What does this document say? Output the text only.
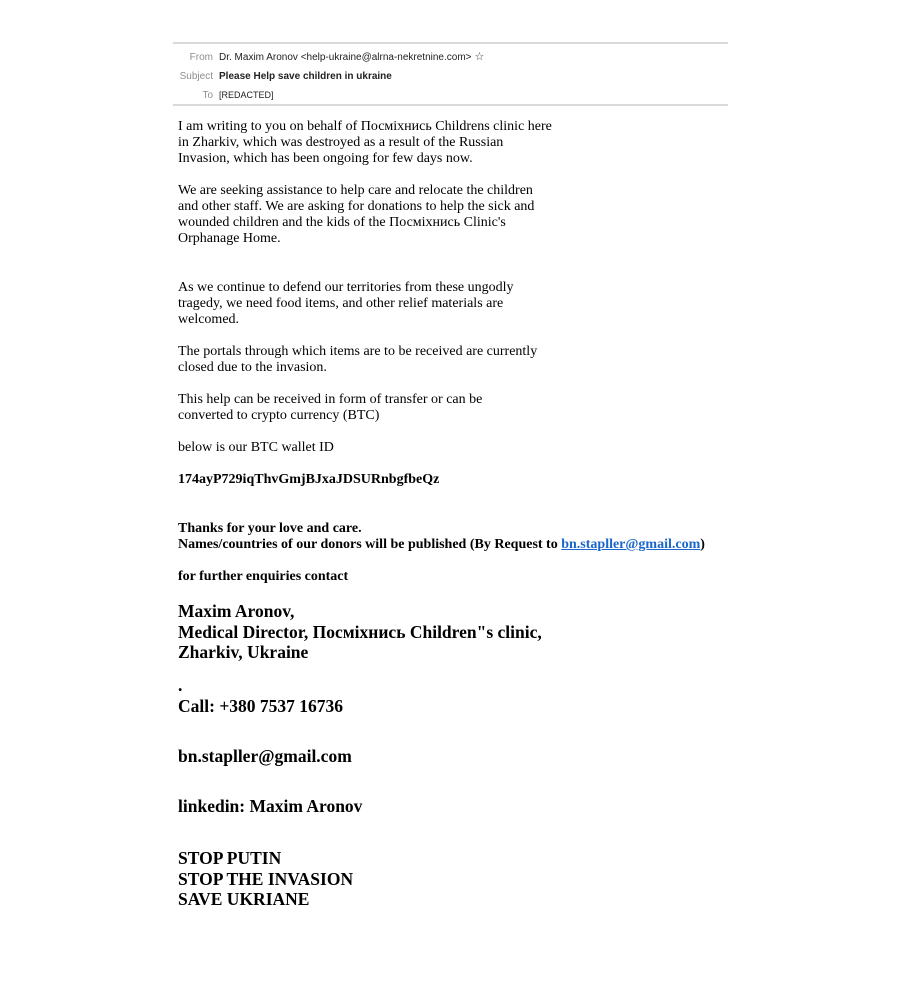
From Dr. Maxim Aronov <help-ukraine@alrna-nekretnine.com> ☆
Subject Please Help save children in ukraine
To [REDACTED]
I am writing to you on behalf of Посміхнись Childrens clinic here
in Zharkiv, which was destroyed as a result of the Russian
Invasion, which has been ongoing for few days now.
We are seeking assistance to help care and relocate the children
and other staff. We are asking for donations to help the sick and
wounded children and the kids of the Посміхнись Clinic's
Orphanage Home.
As we continue to defend our territories from these ungodly
tragedy, we need food items, and other relief materials are
welcomed.
The portals through which items are to be received are currently
closed due to the invasion.
This help can be received in form of transfer or can be
converted to crypto currency (BTC)
below is our BTC wallet ID
174ayP729iqThvGmjBJxaJDSURnbgfbeQz
Thanks for your love and care.
for further enquiries contact
Maxim Aronov,
Medical Director, Посміхнись Children"s clinic,
Zharkiv, Ukraine
.
Call: +380 7537 16736
bn.stapller@gmail.com
linkedin: Maxim Aronov
STOP PUTIN
STOP THE INVASION
SAVE UKRIANE
Names/countries of our donors will be published (By Request to bn.stapller@gmail.com)
